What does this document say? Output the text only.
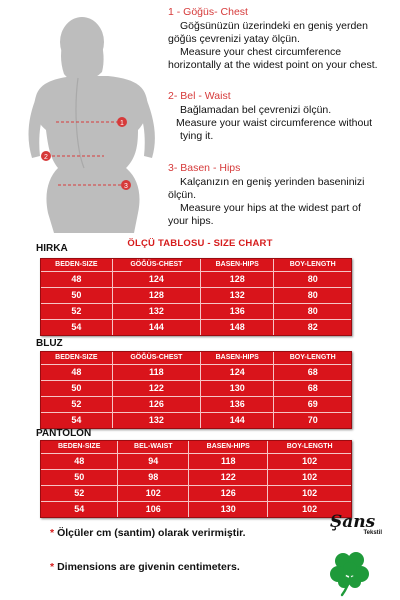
1
2
3
1 - Göğüs- Chest
Göğsünüzün üzerindeki en geniş yerden
göğüs çevrenizi yatay ölçün.
Measure your chest circumference
horizontally at the widest point on your chest.
2- Bel - Waist
Bağlamadan bel çevrenizi ölçün.
Measure your waist circumference without
tying it.
3- Basen - Hips
Kalçanızın en geniş yerinden baseninizi
ölçün.
Measure your hips at the widest part of
your hips.
ÖLÇÜ TABLOSU - SIZE CHART
HIRKA
BEDEN-SIZE	GÖĞÜS-CHEST	BASEN-HIPS	BOY-LENGTH
48	124	128	80
50	128	132	80
52	132	136	80
54	144	148	82
BLUZ
BEDEN-SIZE	GÖĞÜS-CHEST	BASEN-HIPS	BOY-LENGTH
48	118	124	68
50	122	130	68
52	126	136	69
54	132	144	70
PANTOLON
BEDEN-SIZE	BEL-WAIST	BASEN-HIPS	BOY-LENGTH
48	94	118	102
50	98	122	102
52	102	126	102
54	106	130	102
* Ölçüler cm (santim) olarak verirmiştir.
* Dimensions are givenin centimeters.
Şans
Tekstil
